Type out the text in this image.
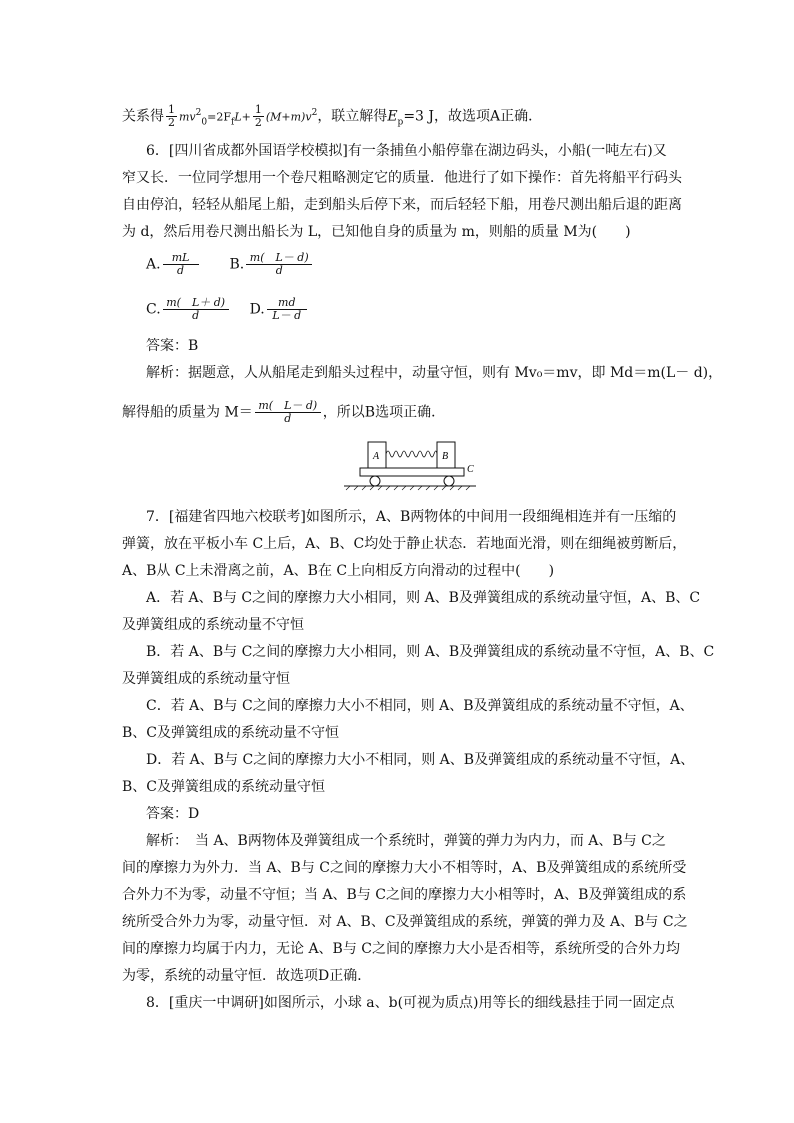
关系得 $\frac{1}{2} mv^2_0=2F_fL+ \frac{1}{2} (M+m)v^2$，联立解得$E_p=3$ J，故选项A正确．
6．[四川省成都外国语学校模拟]有一条捕鱼小船停靠在湖边码头，小船(一吨左右)又
窄又长．一位同学想用一个卷尺粗略测定它的质量．他进行了如下操作：首先将船平行码头
自由停泊，轻轻从船尾上船，走到船头后停下来，而后轻轻下船，用卷尺测出船后退的距离
为 d，然后用卷尺测出船长为 L，已知他自身的质量为 m，则船的质量 M为(　　)
A. $\frac{mL}{d} B$. $\frac{m( L- d)}{d}$
C. $\frac{m( L+ d)}{d} D$. $\frac{md}{L- d}$
答案：B
解析：据题意，人从船尾走到船头过程中，动量守恒，则有 Mv₀＝mv，即 Md＝m(L－ d)，
解得船的质量为 $M= \frac{m( L- d)}{d}$ ，所以B选项正确．
A	B
C
7．[福建省四地六校联考]如图所示，A、B两物体的中间用一段细绳相连并有一压缩的
弹簧，放在平板小车 C上后，A、B、C均处于静止状态．若地面光滑，则在细绳被剪断后，
A、B从 C上未滑离之前，A、B在 C上向相反方向滑动的过程中(　　)
A．若 A、B与 C之间的摩擦力大小相同，则 A、B及弹簧组成的系统动量守恒，A、B、C
及弹簧组成的系统动量不守恒
B．若 A、B与 C之间的摩擦力大小相同，则 A、B及弹簧组成的系统动量不守恒，A、B、C
及弹簧组成的系统动量守恒
C．若 A、B与 C之间的摩擦力大小不相同，则 A、B及弹簧组成的系统动量不守恒，A、
B、C及弹簧组成的系统动量不守恒
D．若 A、B与 C之间的摩擦力大小不相同，则 A、B及弹簧组成的系统动量不守恒，A、
B、C及弹簧组成的系统动量守恒
答案：D
解析：　当 A、B两物体及弹簧组成一个系统时，弹簧的弹力为内力，而 A、B与 C之
间的摩擦力为外力．当 A、B与 C之间的摩擦力大小不相等时，A、B及弹簧组成的系统所受
合外力不为零，动量不守恒；当 A、B与 C之间的摩擦力大小相等时，A、B及弹簧组成的系
统所受合外力为零，动量守恒．对 A、B、C及弹簧组成的系统，弹簧的弹力及 A、B与 C之
间的摩擦力均属于内力，无论 A、B与 C之间的摩擦力大小是否相等，系统所受的合外力均
为零，系统的动量守恒．故选项D正确．
8．[重庆一中调研]如图所示，小球 a、b(可视为质点)用等长的细线悬挂于同一固定点
